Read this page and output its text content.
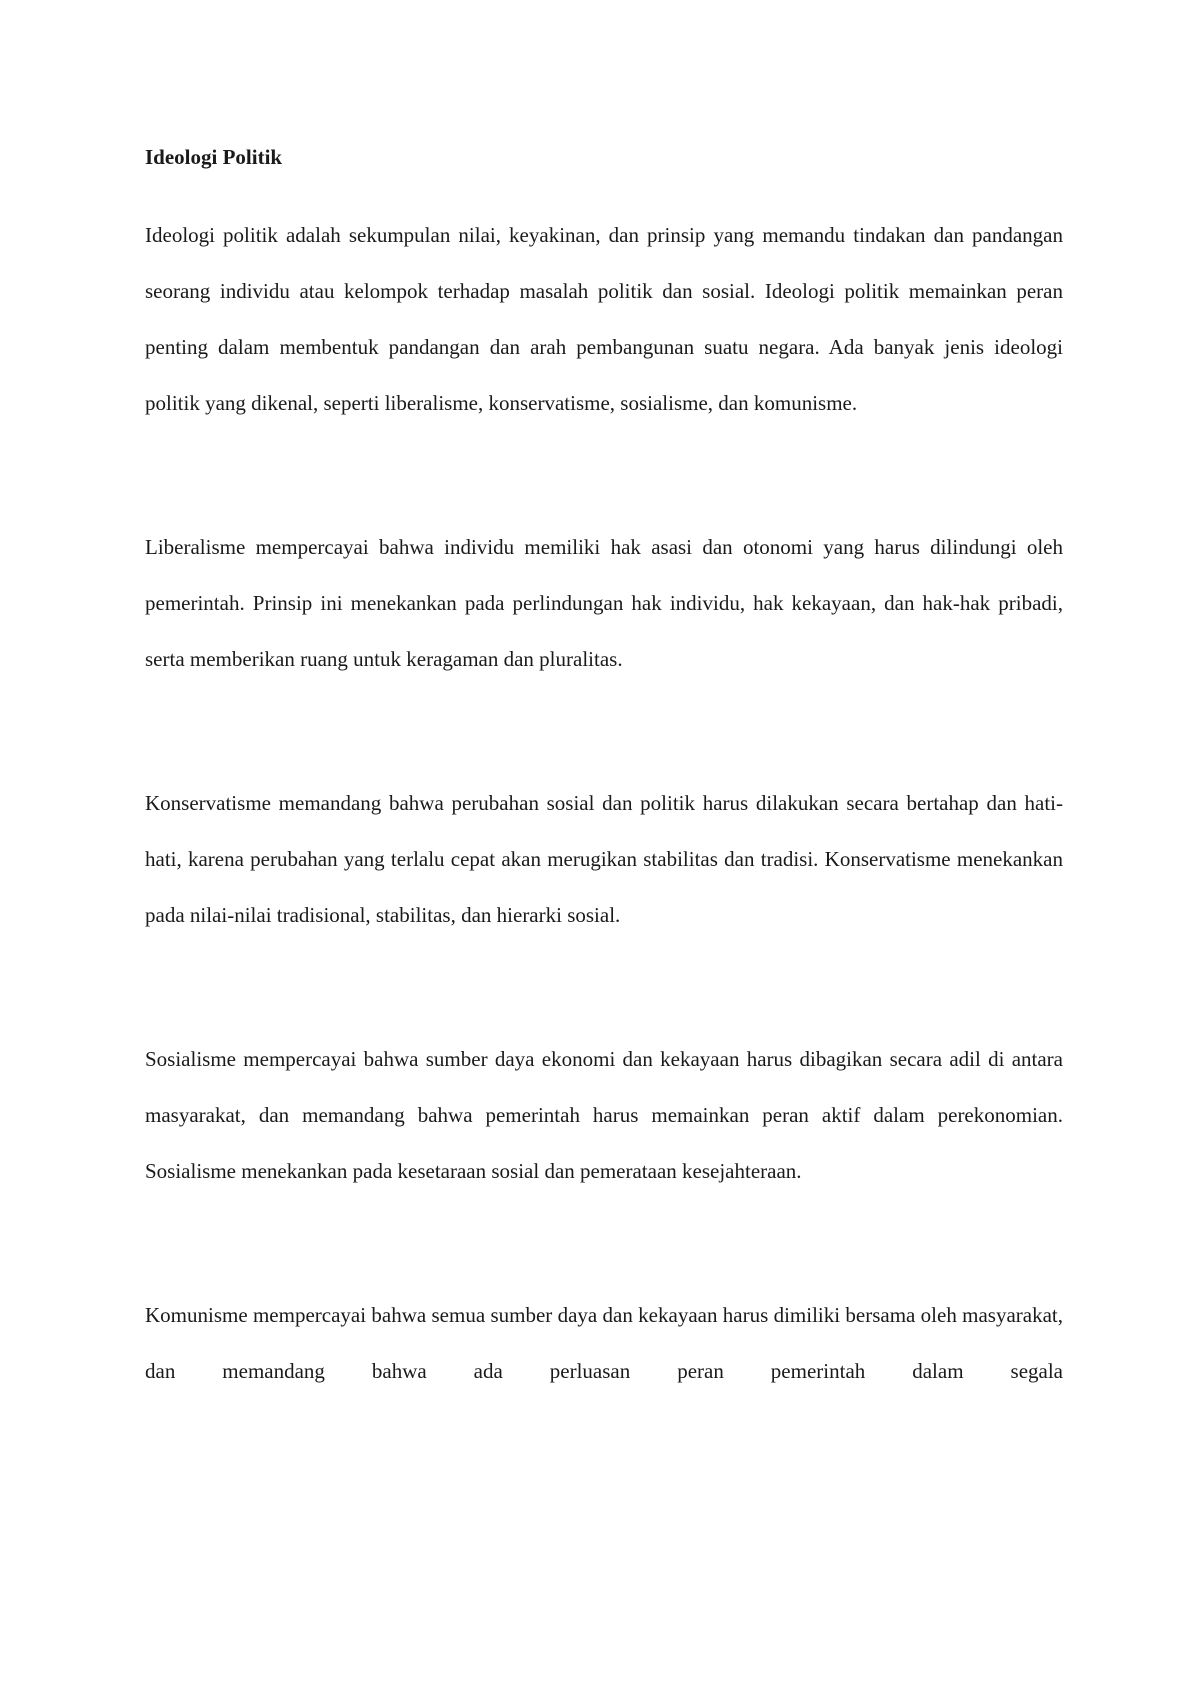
Ideologi Politik

Ideologi politik adalah sekumpulan nilai, keyakinan, dan prinsip yang memandu tindakan dan pandangan seorang individu atau kelompok terhadap masalah politik dan sosial. Ideologi politik memainkan peran penting dalam membentuk pandangan dan arah pembangunan suatu negara. Ada banyak jenis ideologi politik yang dikenal, seperti liberalisme, konservatisme, sosialisme, dan komunisme.

Liberalisme mempercayai bahwa individu memiliki hak asasi dan otonomi yang harus dilindungi oleh pemerintah. Prinsip ini menekankan pada perlindungan hak individu, hak kekayaan, dan hak-hak pribadi, serta memberikan ruang untuk keragaman dan pluralitas.

Konservatisme memandang bahwa perubahan sosial dan politik harus dilakukan secara bertahap dan hati-hati, karena perubahan yang terlalu cepat akan merugikan stabilitas dan tradisi. Konservatisme menekankan pada nilai-nilai tradisional, stabilitas, dan hierarki sosial.

Sosialisme mempercayai bahwa sumber daya ekonomi dan kekayaan harus dibagikan secara adil di antara masyarakat, dan memandang bahwa pemerintah harus memainkan peran aktif dalam perekonomian. Sosialisme menekankan pada kesetaraan sosial dan pemerataan kesejahteraan.

Komunisme mempercayai bahwa semua sumber daya dan kekayaan harus dimiliki bersama oleh masyarakat, dan memandang bahwa ada perluasan peran pemerintah dalam segala
